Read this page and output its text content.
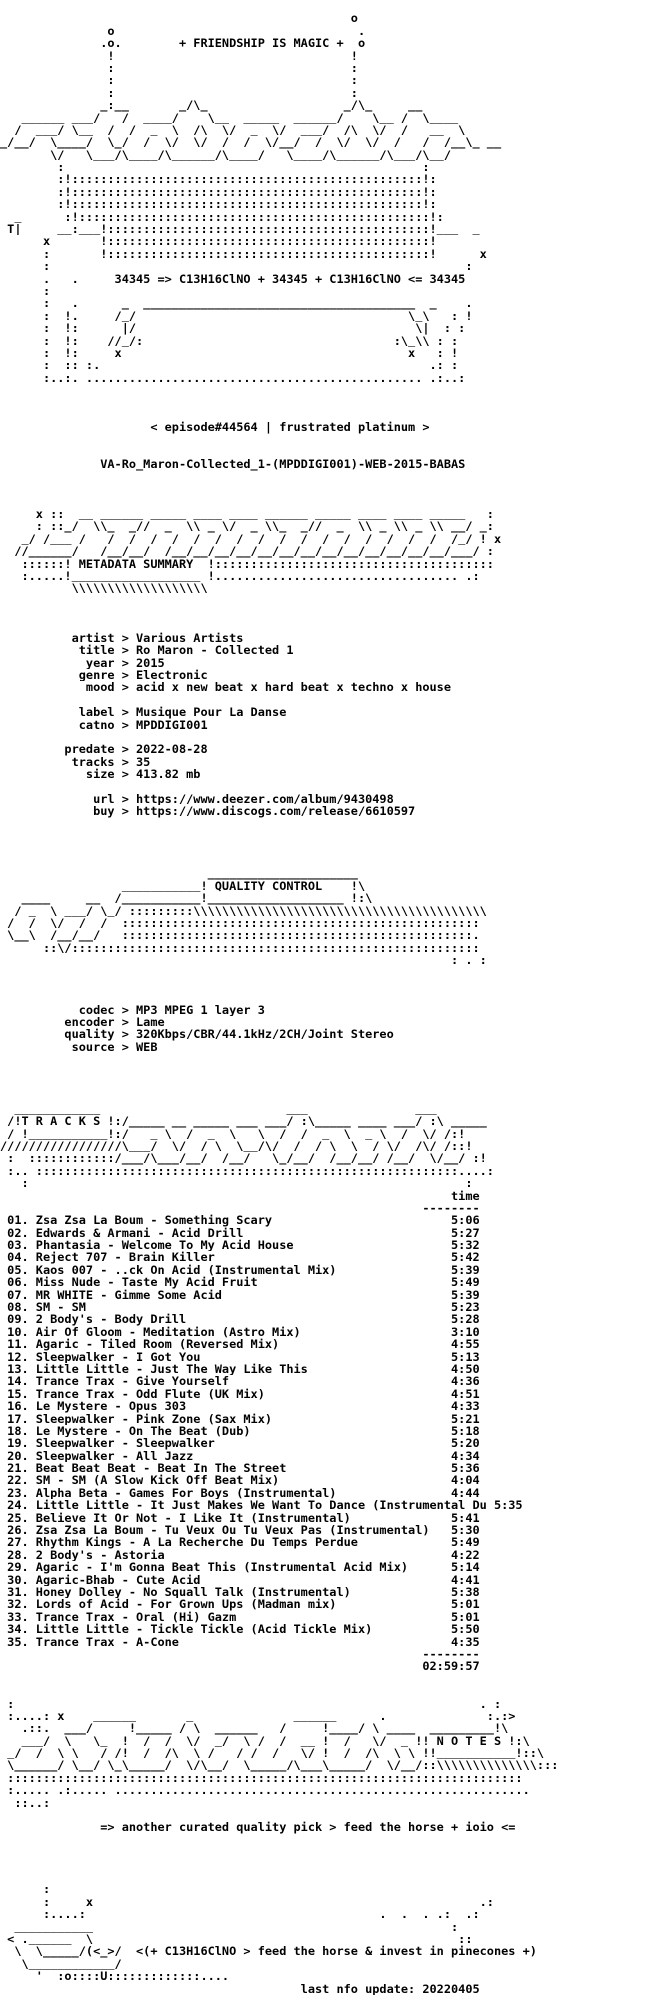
o
o                                  .
.o.        + FRIENDSHIP IS MAGIC +  o
!                                 !
:                                 :
:                                 :
:                                 :
_:__       _/\_                   _/\_     __
______ ___/   /  ____/    \__  _____  ______/    \__ /  \____
/  ___/ \__  /  /  _  \  /\  \/  _  \/  ___/  /\  \/  /   __  \
_/__/  \____/  \_/  /  \/  \/  /  /  \/__/  /  \/  \/  /   /  /__\_ __
\/   \___/\____/\______/\____/   \____/\______/\___/\__/
:                                                  :
:!:::::::::::::::::::::::::::::::::::::::::::::::::!:
:!:::::::::::::::::::::::::::::::::::::::::::::::::!:
:!:::::::::::::::::::::::::::::::::::::::::::::::::!:
_      :!:::::::::::::::::::::::::::::::::::::::::::::::::!:
T|     __:___!:::::::::::::::::::::::::::::::::::::::::::::!___  _
x       !:::::::::::::::::::::::::::::::::::::::::::::!
:       !:::::::::::::::::::::::::::::::::::::::::::::!      x
:                                                          :
.   .     34345 => C13H16ClNO + 34345 + C13H16ClNO <= 34345
:
:   .      _  ______________________________________  _    .
:  !.     /_/                                      \_\   : !
:  !:      |/                                       \|  : :
:  !:    //_/:                                   :\_\\ : :
:  !:     x                                        x   : !
:  :: :.                                              .: :
:..:. ............................................... .:..:

< episode#44564 | frustrated platinum >

VA-Ro_Maron-Collected_1-(MPDDIGI001)-WEB-2015-BABAS

x ::  __ ______ _____ ____ ____ ______ _____ ____ ____ _____   :
: ::_/  \\_  _//  _  \\ _ \/  _ \\_  _//  _  \\ _ \\ _ \\ __/ _:
_/ /___ /   /  /  /  /  /  /  /  /  /  /  /  /  /  /  /  /  /_/ ! x
//______/   /__/__/  /__/__/__/__/__/__/__/__/__/__/__/__/__/___/ :
::::::! METADATA SUMMARY  !:::::::::::::::::::::::::::::::::::::::
:.....!__________________ !.................................. .:
\\\\\\\\\\\\\\\\\\\

artist > Various Artists
title > Ro Maron - Collected 1
year > 2015
genre > Electronic
mood > acid x new beat x hard beat x techno x house

label > Musique Pour La Danse
catno > MPDDIGI001

predate > 2022-08-28
tracks > 35
size > 413.82 mb

url > https://www.deezer.com/album/9430498
buy > https://www.discogs.com/release/6610597

_____________________
___________! QUALITY CONTROL    !\
____     __  /___________!___________________ !:\
/ _  \ ___/ \_/ :::::::::\\\\\\\\\\\\\\\\\\\\\\\\\\\\\\\\\\\\\\\\\
/  /  \/  /  /  ::::::::::::::::::::::::::::::::::::::::::::::::::
\__\  /__/__/   :::::::::::::::::::::::::::::::::::::::::::::::::.
::\/:::::::::::::::::::::::::::::::::::::::::::::::::::::::::
: . :

codec > MP3 MPEG 1 layer 3
encoder > Lame
quality > 320Kbps/CBR/44.1kHz/2CH/Joint Stereo
source > WEB

____________                          ___               ___
/!T R A C K S !:/_____ __ _____ ___ ___/ :\_____ ____ ___/ :\ _____
/ !___________!:/   _ \  /  _  \   \  /  /  _  \  _ \  /  \/ /:!
/////////////////\___/  \/  / \  \__/\/  /  / \  \  / \/  /\/ /::!
:  ::::::::::::/___/\___/__/  /__/   \_/__/  /__/__/ /__/  \/__/ :!
:.. :::::::::::::::::::::::::::::::::::::::::::::::::::::::::::....:
:                                                             :
time
--------
01. Zsa Zsa La Boum - Something Scary                         5:06
02. Edwards & Armani - Acid Drill                             5:27
03. Phantasia - Welcome To My Acid House                      5:32
04. Reject 707 - Brain Killer                                 5:42
05. Kaos 007 - ..ck On Acid (Instrumental Mix)                5:39
06. Miss Nude - Taste My Acid Fruit                           5:49
07. MR WHITE - Gimme Some Acid                                5:39
08. SM - SM                                                   5:23
09. 2 Body's - Body Drill                                     5:28
10. Air Of Gloom - Meditation (Astro Mix)                     3:10
11. Agaric - Tiled Room (Reversed Mix)                        4:55
12. Sleepwalker - I Got You                                   5:13
13. Little Little - Just The Way Like This                    4:50
14. Trance Trax - Give Yourself                               4:36
15. Trance Trax - Odd Flute (UK Mix)                          4:51
16. Le Mystere - Opus 303                                     4:33
17. Sleepwalker - Pink Zone (Sax Mix)                         5:21
18. Le Mystere - On The Beat (Dub)                            5:18
19. Sleepwalker - Sleepwalker                                 5:20
20. Sleepwalker - All Jazz                                    4:34
21. Beat Beat Beat - Beat In The Street                       5:36
22. SM - SM (A Slow Kick Off Beat Mix)                        4:04
23. Alpha Beta - Games For Boys (Instrumental)                4:44
24. Little Little - It Just Makes We Want To Dance (Instrumental Du 5:35
25. Believe It Or Not - I Like It (Instrumental)              5:41
26. Zsa Zsa La Boum - Tu Veux Ou Tu Veux Pas (Instrumental)   5:30
27. Rhythm Kings - A La Recherche Du Temps Perdue             5:49
28. 2 Body's - Astoria                                        4:22
29. Agaric - I'm Gonna Beat This (Instrumental Acid Mix)      5:14
30. Agaric-Bhab - Cute Acid                                   4:41
31. Honey Dolley - No Squall Talk (Instrumental)              5:38
32. Lords of Acid - For Grown Ups (Madman mix)                5:01
33. Trance Trax - Oral (Hi) Gazm                              5:01
34. Little Little - Tickle Tickle (Acid Tickle Mix)           5:50
35. Trance Trax - A-Cone                                      4:35
--------
02:59:57

:                                                                 . :
:....: x    ______       _              ______      .              :.:>
.::.  ___/     !_____ / \  ______   /     !____/ \ ____  _________!\
___/  \   \_  !  /  /  \/  _/  \ /  /  __ !  /   \/  _ !! N O T E S !:\
_/  /  \ \   / /!  /  /\  \ /   / /  /   \/ !  /  /\  \ \ !!___________!::\
\______/ \__/ \_\_____/  \/\__/  \_____/\___\_____/  \/__/::\\\\\\\\\\\\\\:::
::::::::::::::::::::::::::::::::::::::::::::::::::::::::::::::::::::::::
:..... .:..... ..........................................................
::..:

=> another curated quality pick > feed the horse + ioio <=

:
:     x                                                      .:
:....:                                         .  .  . .:  .:
___________                                                  :
< .______  \                                                   ::
\  \_____/(<_>/  <(+ C13H16ClNO > feed the horse & invest in pinecones +)
\____________/
'  :o::::U:::::::::::::....
last nfo update: 20220405
